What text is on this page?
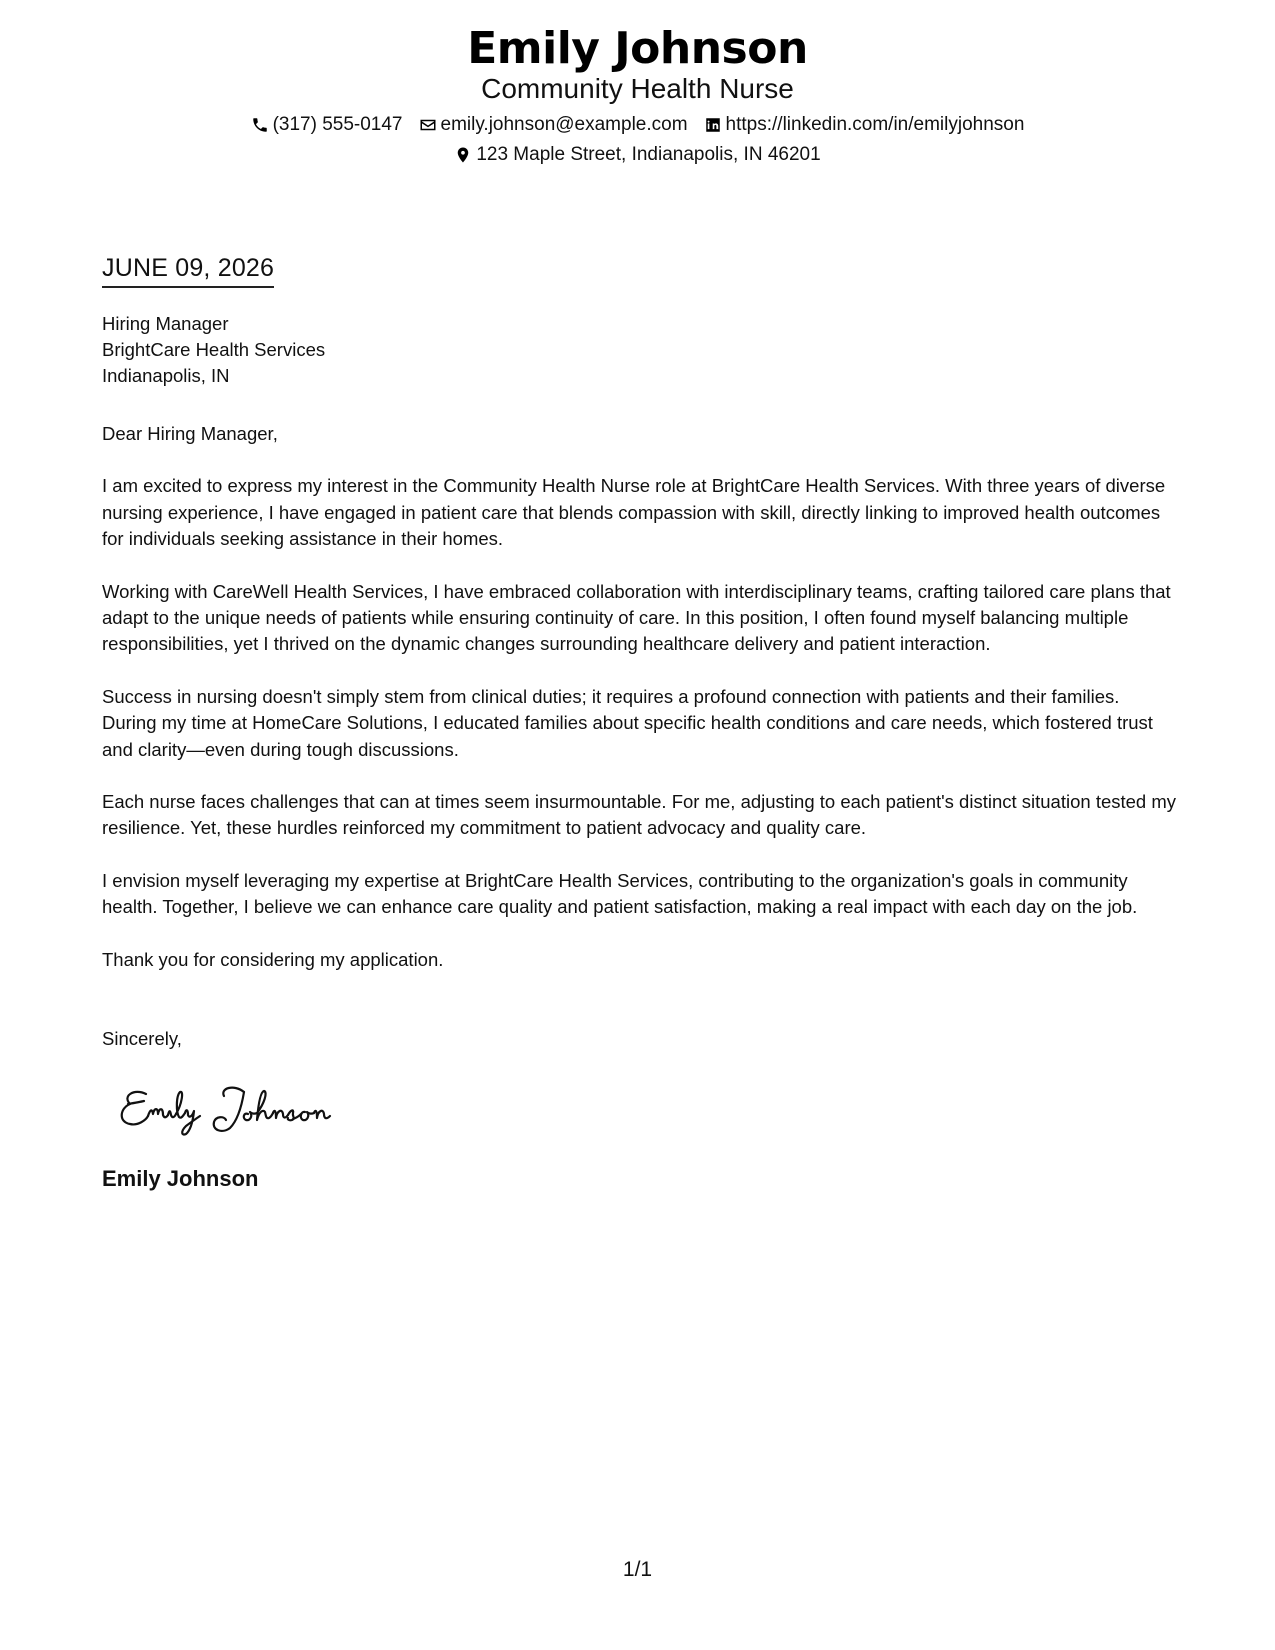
Emily Johnson
Community Health Nurse
(317) 555-0147 emily.johnson@example.com https://linkedin.com/in/emilyjohnson
123 Maple Street, Indianapolis, IN 46201
JUNE 09, 2026
Hiring Manager
BrightCare Health Services
Indianapolis, IN

Dear Hiring Manager,

I am excited to express my interest in the Community Health Nurse role at BrightCare Health Services. With three years of diverse nursing experience, I have engaged in patient care that blends compassion with skill, directly linking to improved health outcomes for individuals seeking assistance in their homes.

Working with CareWell Health Services, I have embraced collaboration with interdisciplinary teams, crafting tailored care plans that adapt to the unique needs of patients while ensuring continuity of care. In this position, I often found myself balancing multiple responsibilities, yet I thrived on the dynamic changes surrounding healthcare delivery and patient interaction.

Success in nursing doesn't simply stem from clinical duties; it requires a profound connection with patients and their families. During my time at HomeCare Solutions, I educated families about specific health conditions and care needs, which fostered trust and clarity—even during tough discussions.

Each nurse faces challenges that can at times seem insurmountable. For me, adjusting to each patient's distinct situation tested my resilience. Yet, these hurdles reinforced my commitment to patient advocacy and quality care.

I envision myself leveraging my expertise at BrightCare Health Services, contributing to the organization's goals in community health. Together, I believe we can enhance care quality and patient satisfaction, making a real impact with each day on the job.

Thank you for considering my application.

Sincerely,
Emily Johnson
1/1
